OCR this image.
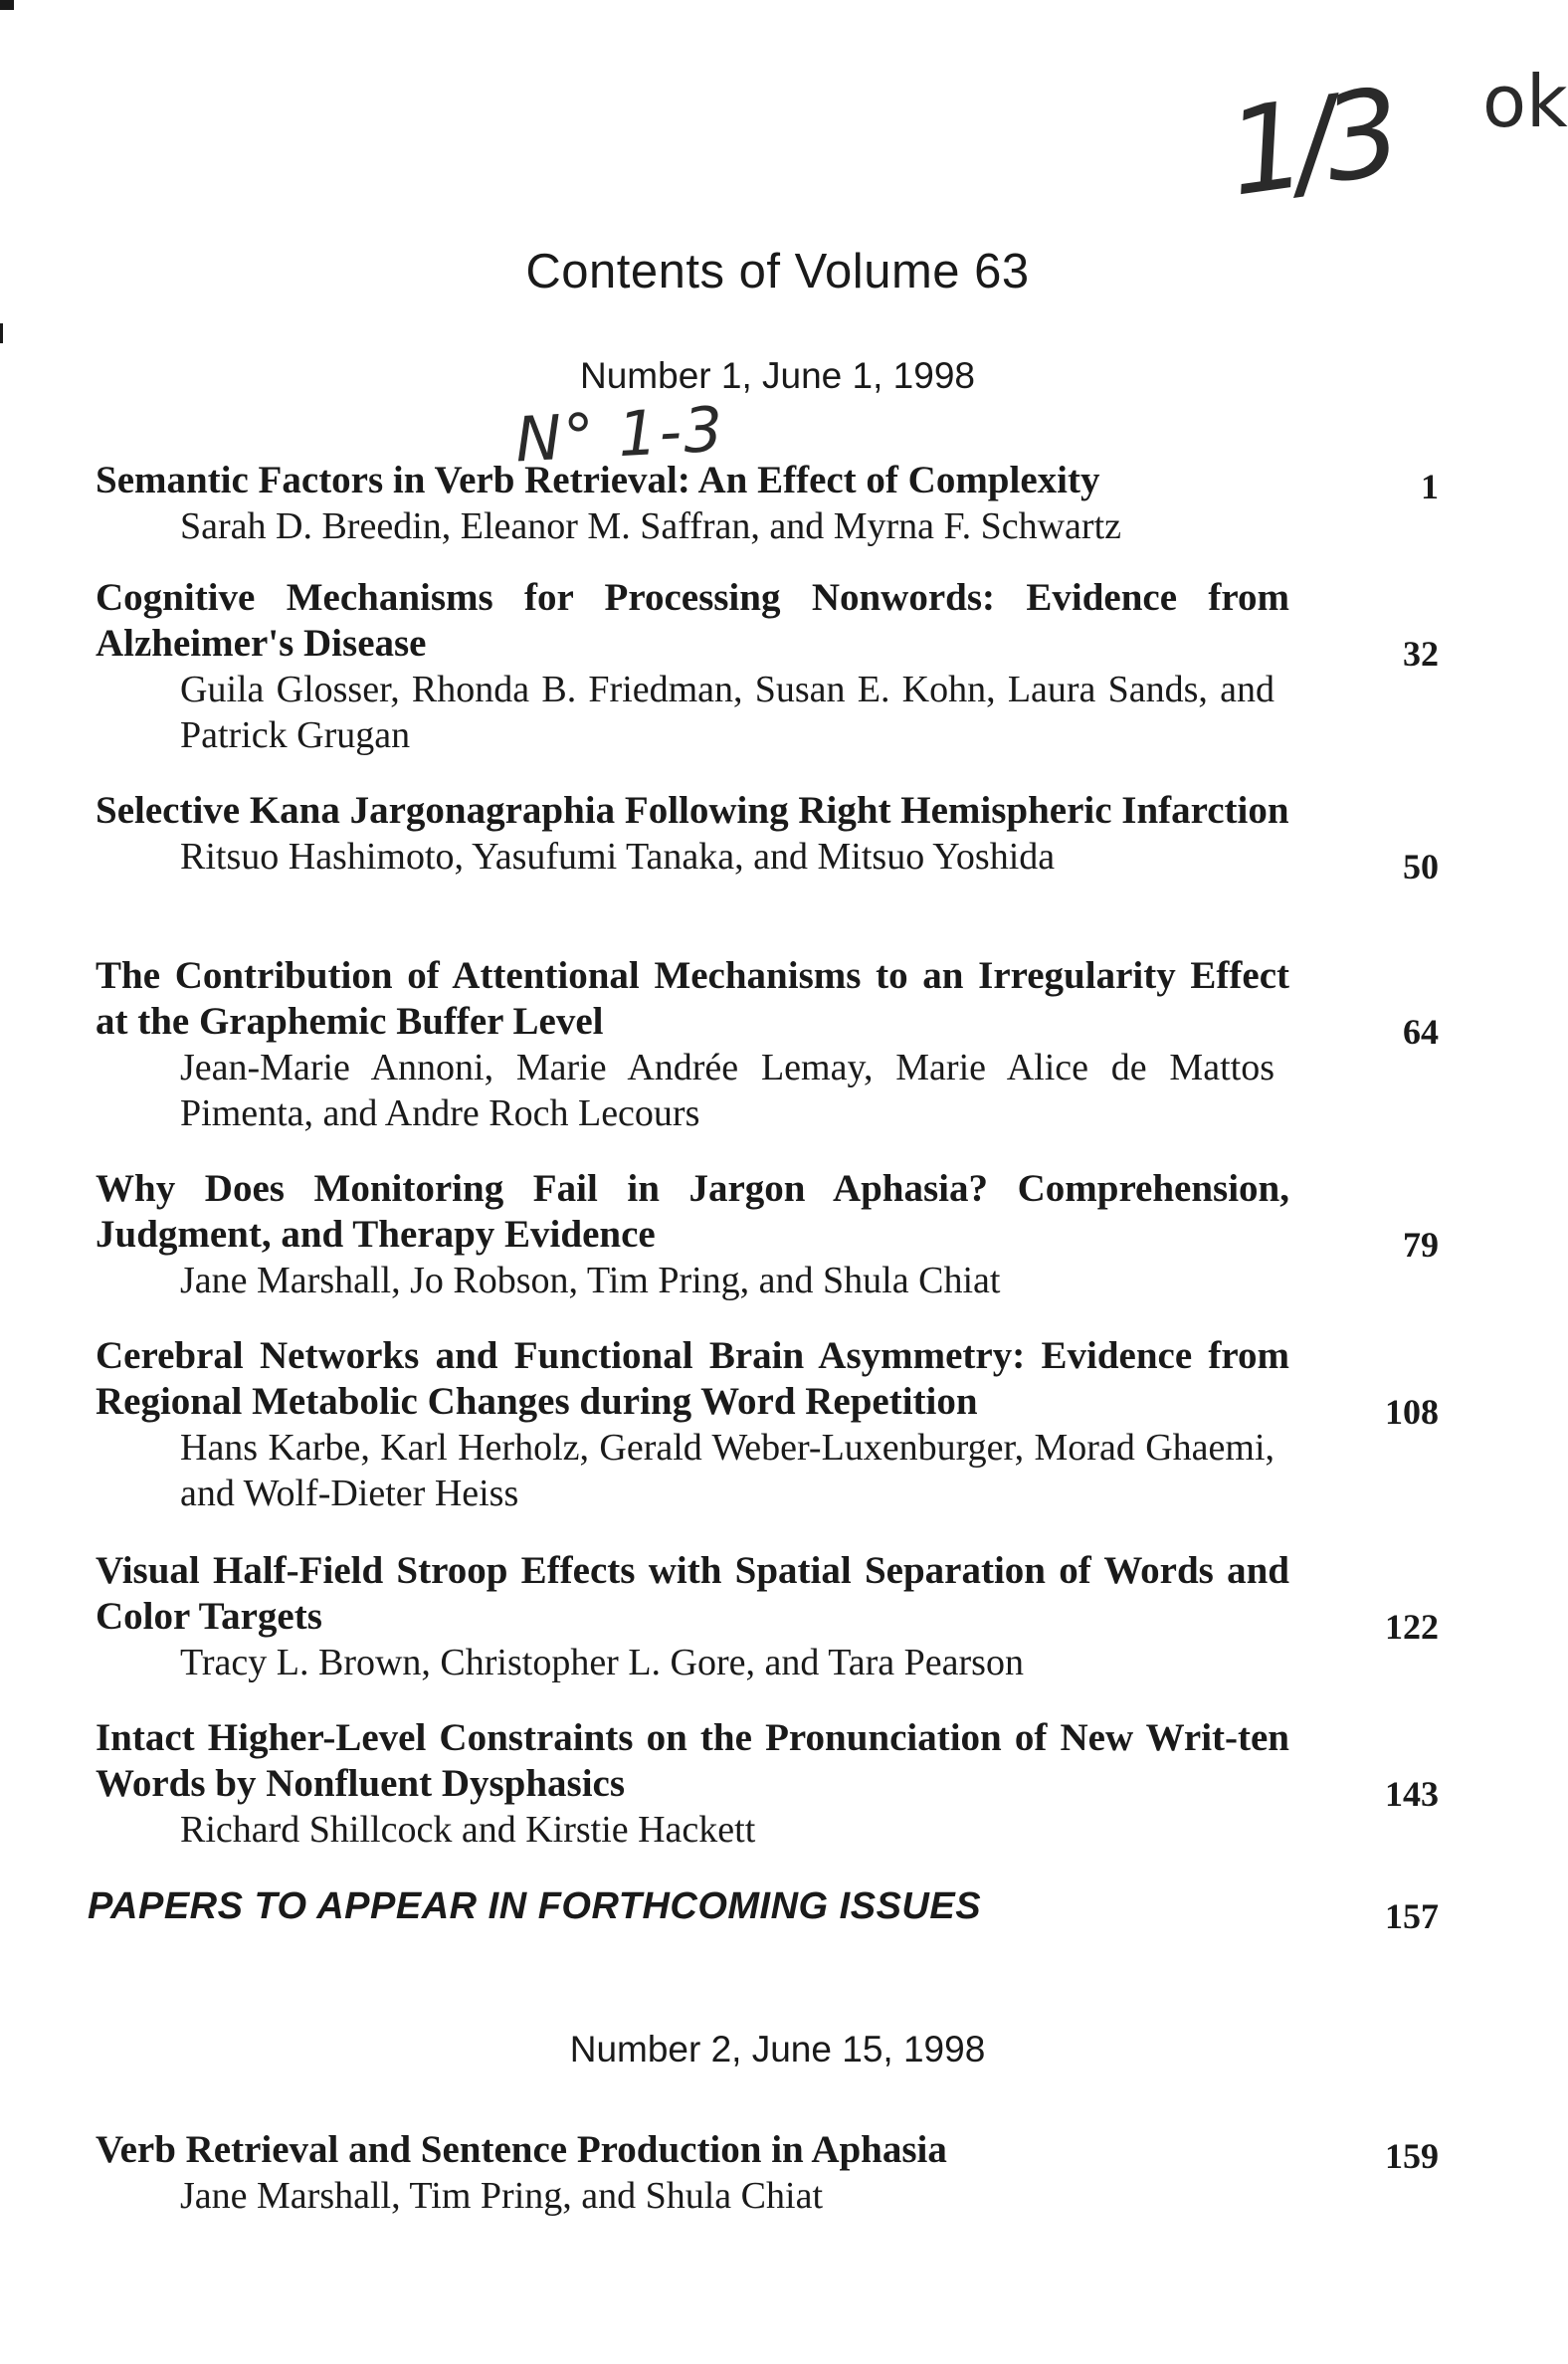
1/3 ok
Contents of Volume 63
Number 1, June 1, 1998
N° 1-3
Semantic Factors in Verb Retrieval: An Effect of Complexity
Sarah D. Breedin, Eleanor M. Saffran, and Myrna F. Schwartz
1
Cognitive Mechanisms for Processing Nonwords: Evidence from Alzheimer's Disease
Guila Glosser, Rhonda B. Friedman, Susan E. Kohn, Laura Sands, and Patrick Grugan
32
Selective Kana Jargonagraphia Following Right Hemispheric Infarction
Ritsuo Hashimoto, Yasufumi Tanaka, and Mitsuo Yoshida	50
The Contribution of Attentional Mechanisms to an Irregularity Effect at the Graphemic Buffer Level
Jean-Marie Annoni, Marie Andrée Lemay, Marie Alice de Mattos Pimenta, and Andre Roch Lecours
64
Why Does Monitoring Fail in Jargon Aphasia? Comprehension, Judgment, and Therapy Evidence
Jane Marshall, Jo Robson, Tim Pring, and Shula Chiat
79
Cerebral Networks and Functional Brain Asymmetry: Evidence from Regional Metabolic Changes during Word Repetition
Hans Karbe, Karl Herholz, Gerald Weber-Luxenburger, Morad Ghaemi, and Wolf-Dieter Heiss
108
Visual Half-Field Stroop Effects with Spatial Separation of Words and Color Targets
Tracy L. Brown, Christopher L. Gore, and Tara Pearson
122
Intact Higher-Level Constraints on the Pronunciation of New Writ-ten Words by Nonfluent Dysphasics
Richard Shillcock and Kirstie Hackett
143
PAPERS TO APPEAR IN FORTHCOMING ISSUES	157
Number 2, June 15, 1998
Verb Retrieval and Sentence Production in Aphasia
Jane Marshall, Tim Pring, and Shula Chiat
159
